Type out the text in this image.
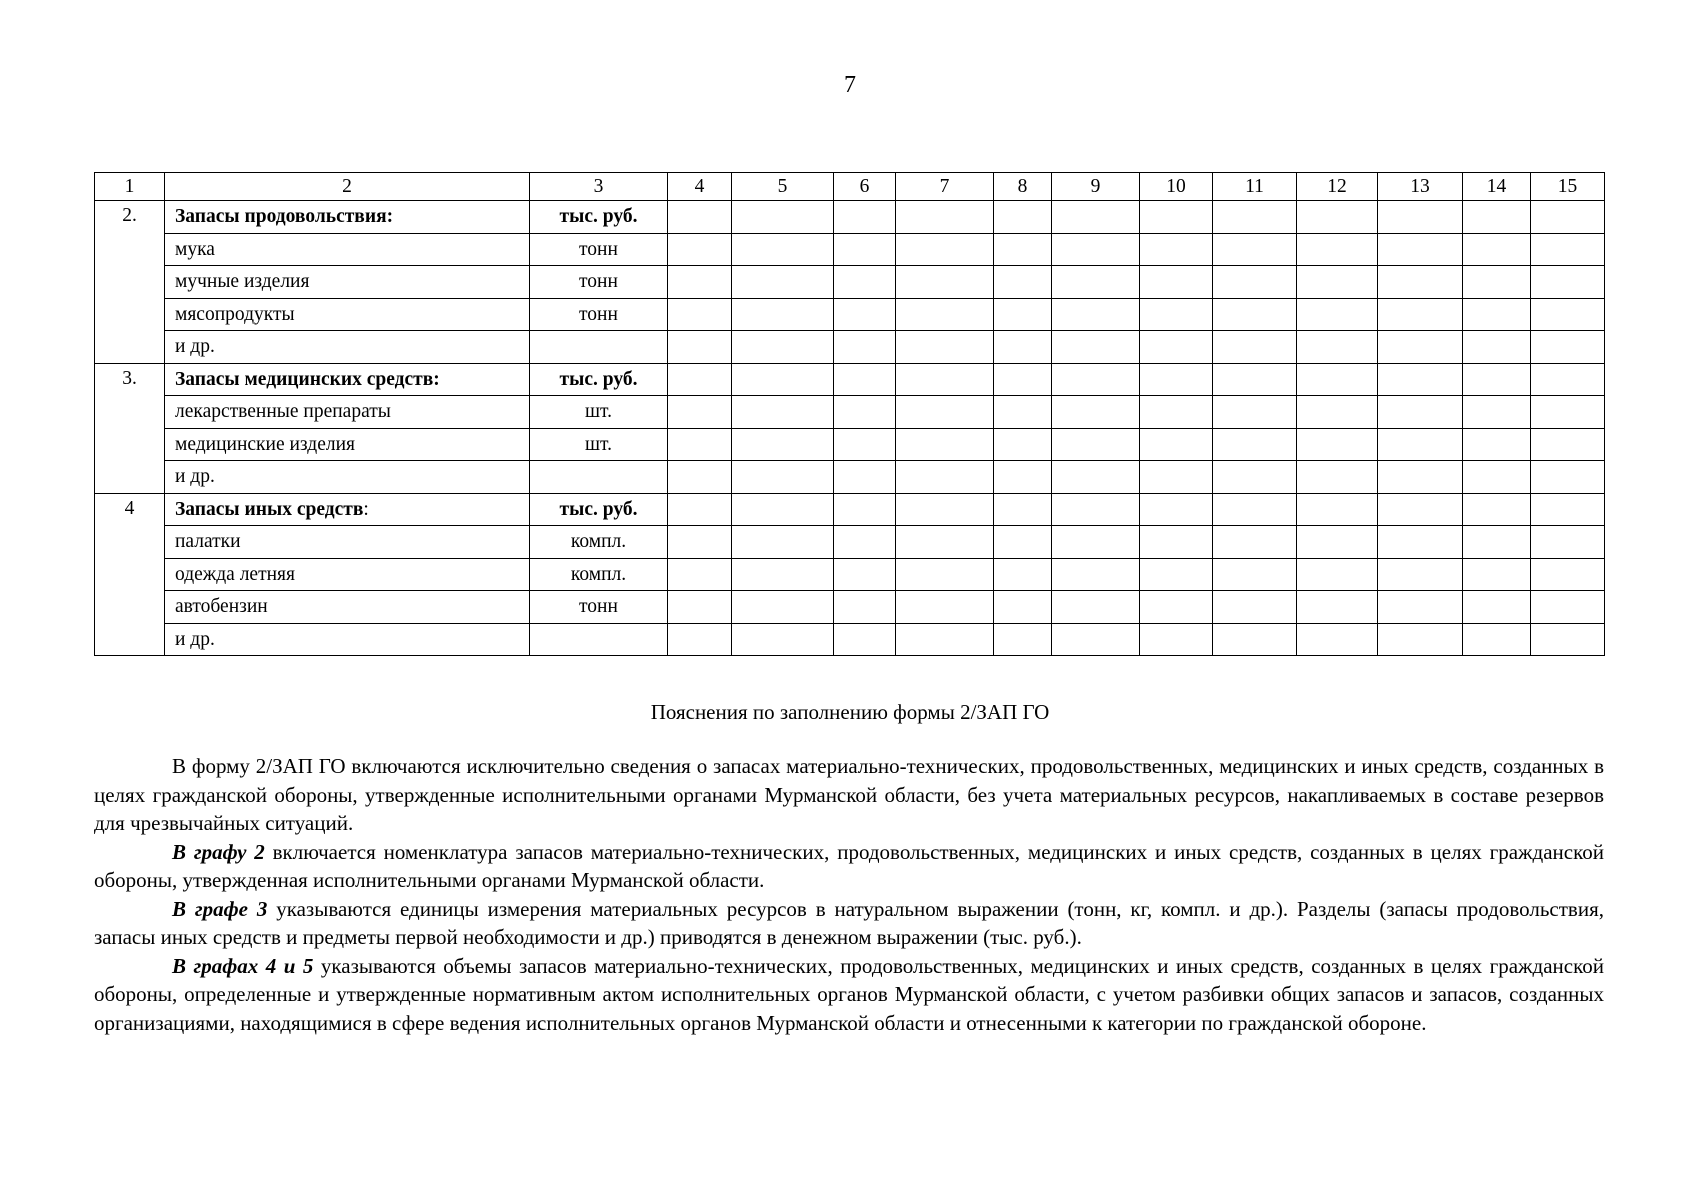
7
1	2	3	4	5	6	7	8	9	10	11	12	13	14	15
2.	Запасы продовольствия:	тыс. руб.												
	мука	тонн												
	мучные изделия	тонн												
	мясопродукты	тонн												
	и др.													
3.	Запасы медицинских средств:	тыс. руб.												
	лекарственные препараты	шт.												
	медицинские изделия	шт.												
	и др.													
4	Запасы иных средств:	тыс. руб.												
	палатки	компл.												
	одежда летняя	компл.												
	автобензин	тонн												
	и др.													
Пояснения по заполнению формы 2/ЗАП ГО

В форму 2/ЗАП ГО включаются исключительно сведения о запасах материально-технических, продовольственных, медицинских и иных средств, созданных в целях гражданской обороны, утвержденные исполнительными органами Мурманской области, без учета материальных ресурсов, накапливаемых в составе резервов для чрезвычайных ситуаций.

В графу 2 включается номенклатура запасов материально-технических, продовольственных, медицинских и иных средств, созданных в целях гражданской обороны, утвержденная исполнительными органами Мурманской области.

В графе 3 указываются единицы измерения материальных ресурсов в натуральном выражении (тонн, кг, компл. и др.). Разделы (запасы продовольствия, запасы иных средств и предметы первой необходимости и др.) приводятся в денежном выражении (тыс. руб.).

В графах 4 и 5 указываются объемы запасов материально-технических, продовольственных, медицинских и иных средств, созданных в целях гражданской обороны, определенные и утвержденные нормативным актом исполнительных органов Мурманской области, с учетом разбивки общих запасов и запасов, созданных организациями, находящимися в сфере ведения исполнительных органов Мурманской области и отнесенными к категории по гражданской обороне.
